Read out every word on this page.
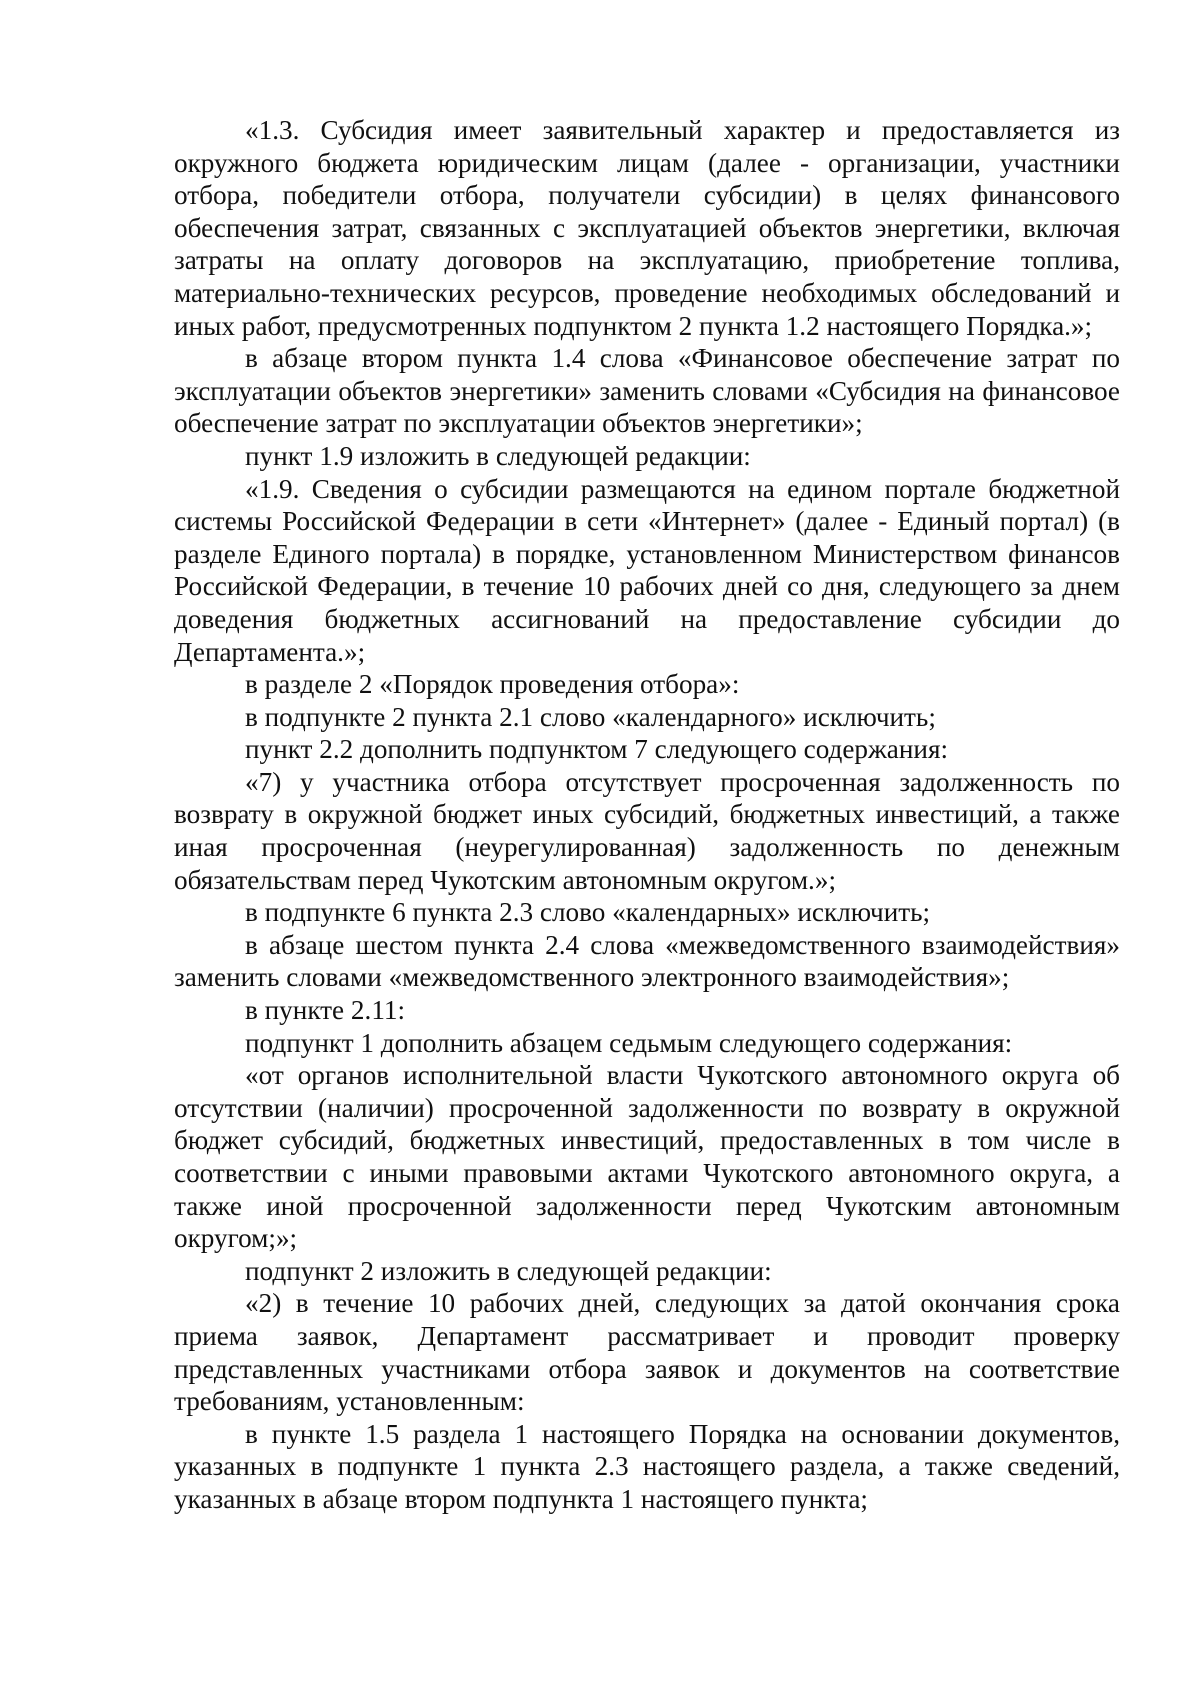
«1.3. Субсидия имеет заявительный характер и предоставляется из окружного бюджета юридическим лицам (далее - организации, участники отбора, победители отбора, получатели субсидии) в целях финансового обеспечения затрат, связанных с эксплуатацией объектов энергетики, включая затраты на оплату договоров на эксплуатацию, приобретение топлива, материально-технических ресурсов, проведение необходимых обследований и иных работ, предусмотренных подпунктом 2 пункта 1.2 настоящего Порядка.»;

в абзаце втором пункта 1.4 слова «Финансовое обеспечение затрат по эксплуатации объектов энергетики» заменить словами «Субсидия на финансовое обеспечение затрат по эксплуатации объектов энергетики»;

пункт 1.9 изложить в следующей редакции:

«1.9. Сведения о субсидии размещаются на едином портале бюджетной системы Российской Федерации в сети «Интернет» (далее - Единый портал) (в разделе Единого портала) в порядке, установленном Министерством финансов Российской Федерации, в течение 10 рабочих дней со дня, следующего за днем доведения бюджетных ассигнований на предоставление субсидии до Департамента.»;

в разделе 2 «Порядок проведения отбора»:

в подпункте 2 пункта 2.1 слово «календарного» исключить;

пункт 2.2 дополнить подпунктом 7 следующего содержания:

«7) у участника отбора отсутствует просроченная задолженность по возврату в окружной бюджет иных субсидий, бюджетных инвестиций, а также иная просроченная (неурегулированная) задолженность по денежным обязательствам перед Чукотским автономным округом.»;

в подпункте 6 пункта 2.3 слово «календарных» исключить;

в абзаце шестом пункта 2.4 слова «межведомственного взаимодействия» заменить словами «межведомственного электронного взаимодействия»;

в пункте 2.11:

подпункт 1 дополнить абзацем седьмым следующего содержания:

«от органов исполнительной власти Чукотского автономного округа об отсутствии (наличии) просроченной задолженности по возврату в окружной бюджет субсидий, бюджетных инвестиций, предоставленных в том числе в соответствии с иными правовыми актами Чукотского автономного округа, а также иной просроченной задолженности перед Чукотским автономным округом;»;

подпункт 2 изложить в следующей редакции:

«2) в течение 10 рабочих дней, следующих за датой окончания срока приема заявок, Департамент рассматривает и проводит проверку представленных участниками отбора заявок и документов на соответствие требованиям, установленным:

в пункте 1.5 раздела 1 настоящего Порядка на основании документов, указанных в подпункте 1 пункта 2.3 настоящего раздела, а также сведений, указанных в абзаце втором подпункта 1 настоящего пункта;
